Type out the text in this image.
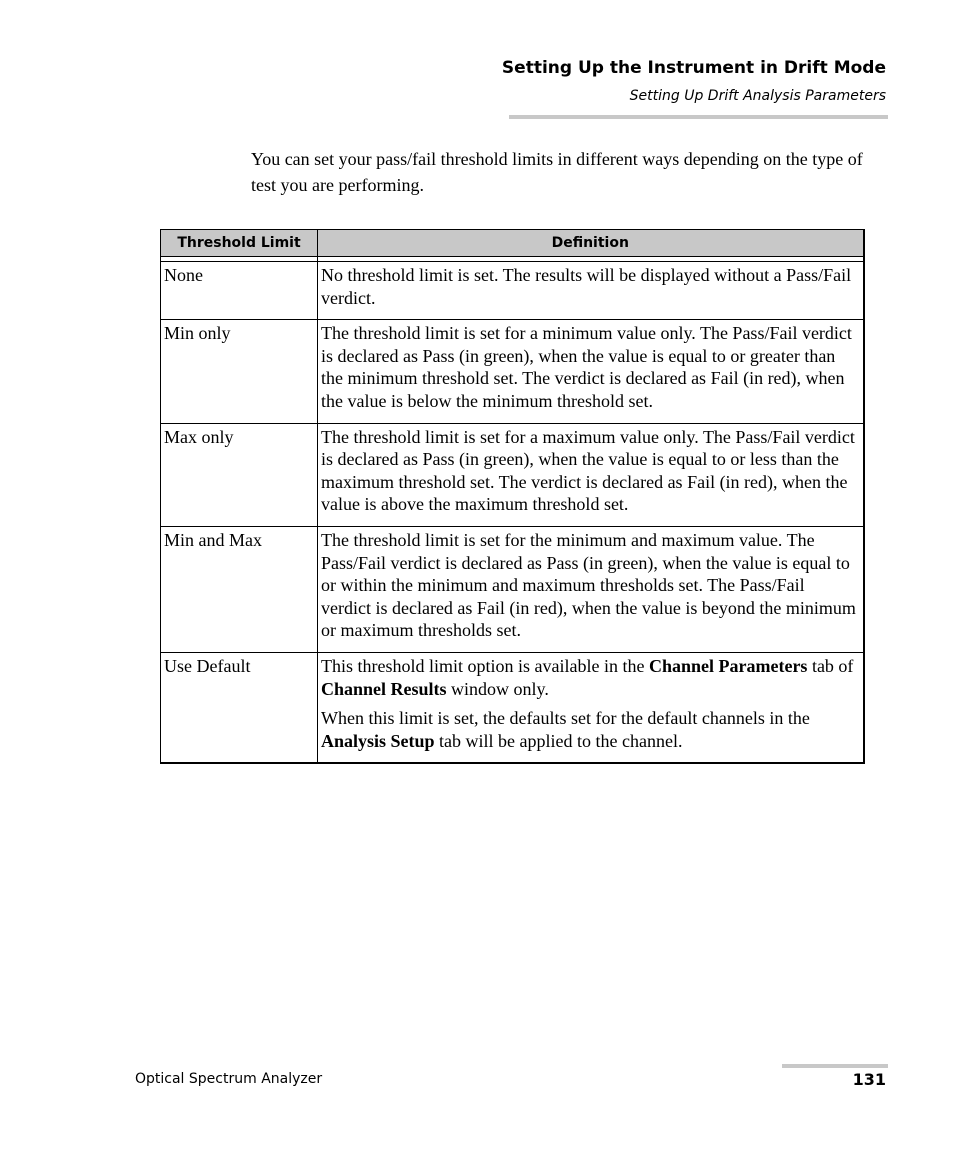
Setting Up the Instrument in Drift Mode
Setting Up Drift Analysis Parameters

You can set your pass/fail threshold limits in different ways depending on the type of test you are performing.

Threshold Limit	Definition

None	No threshold limit is set. The results will be displayed without a Pass/Fail verdict.
Min only	The threshold limit is set for a minimum value only. The Pass/Fail verdict is declared as Pass (in green), when the value is equal to or greater than the minimum threshold set. The verdict is declared as Fail (in red), when the value is below the minimum threshold set.
Max only	The threshold limit is set for a maximum value only. The Pass/Fail verdict is declared as Pass (in green), when the value is equal to or less than the maximum threshold set. The verdict is declared as Fail (in red), when the value is above the maximum threshold set.
Min and Max	The threshold limit is set for the minimum and maximum value. The Pass/Fail verdict is declared as Pass (in green), when the value is equal to or within the minimum and maximum thresholds set. The Pass/Fail verdict is declared as Fail (in red), when the value is beyond the minimum or maximum thresholds set.
Use Default	This threshold limit option is available in the Channel Parameters tab of Channel Results window only.

When this limit is set, the defaults set for the default channels in the Analysis Setup tab will be applied to the channel.

Optical Spectrum Analyzer	131
